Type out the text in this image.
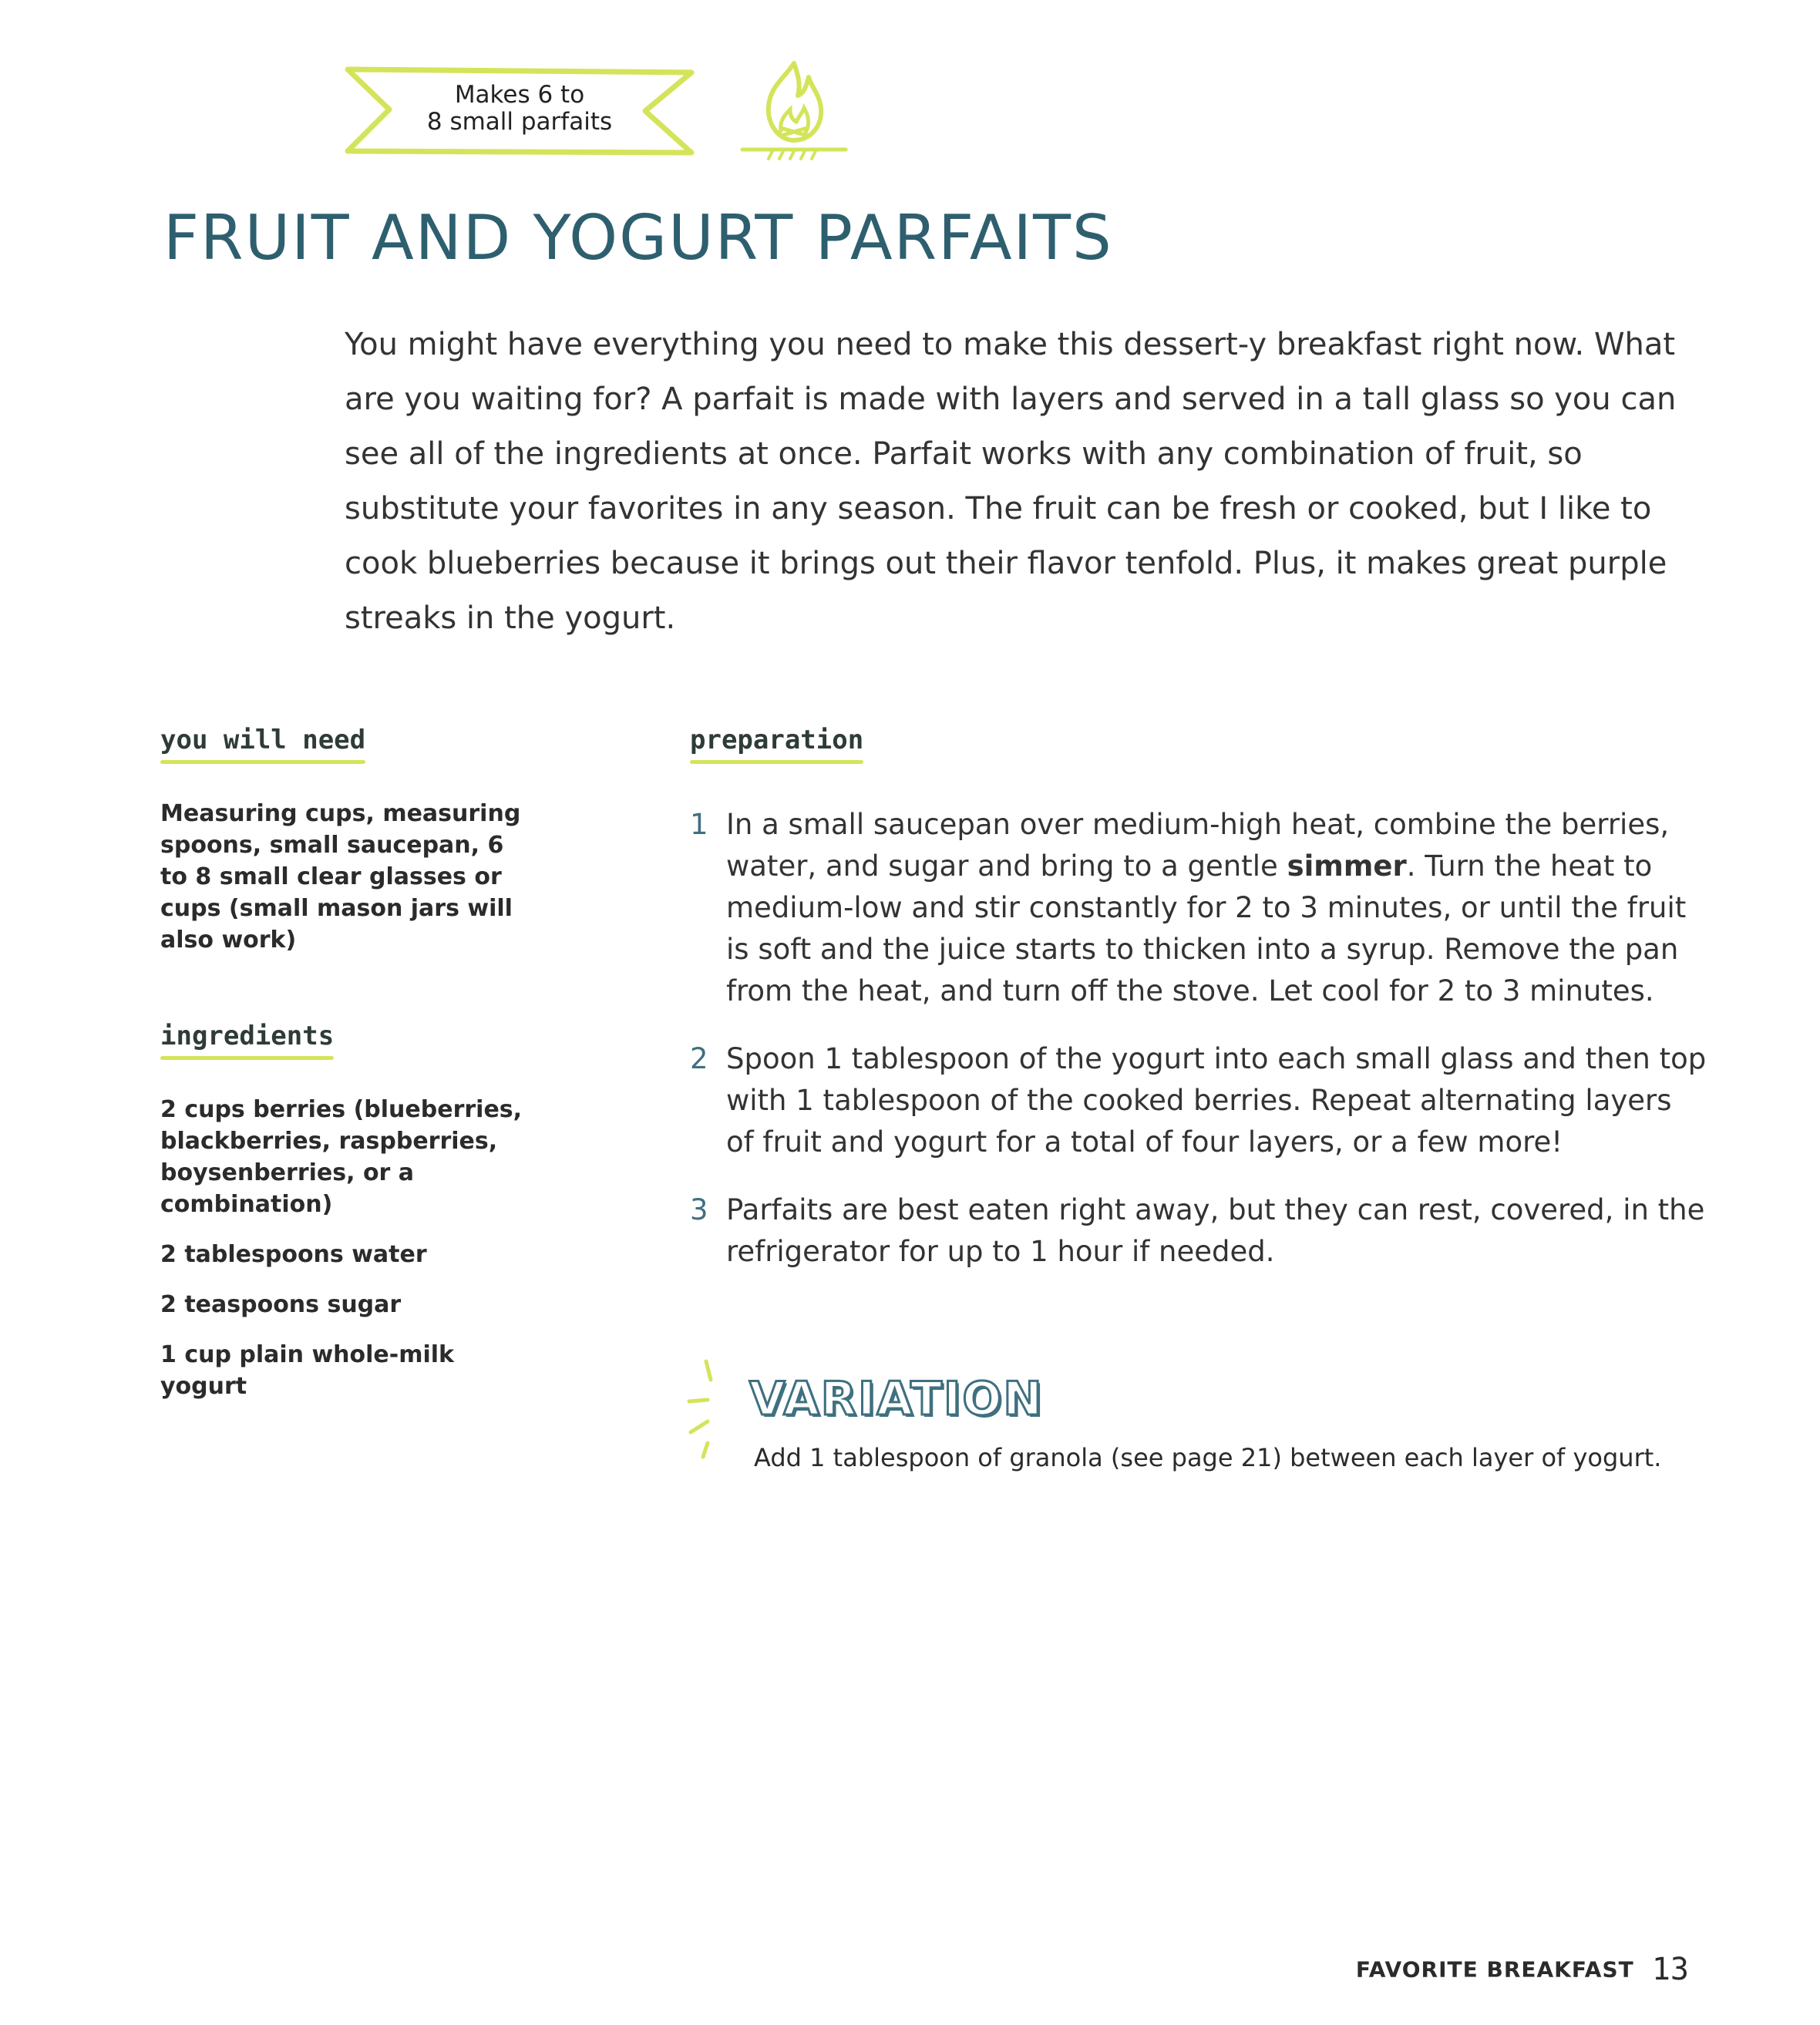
Makes 6 to
8 small parfaits
FRUIT AND YOGURT PARFAITS

You might have everything you need to make this dessert-y breakfast right now. What are you waiting for? A parfait is made with layers and served in a tall glass so you can see all of the ingredients at once. Parfait works with any combination of fruit, so substitute your favorites in any season. The fruit can be fresh or cooked, but I like to cook blueberries because it brings out their flavor tenfold. Plus, it makes great purple streaks in the yogurt.

you will need

Measuring cups, measuring spoons, small saucepan, 6 to 8 small clear glasses or cups (small mason jars will also work)

ingredients
2 cups berries (blueberries, blackberries, raspberries, boysenberries, or a combination)
2 tablespoons water
2 teaspoons sugar
1 cup plain whole-milk yogurt
preparation
1 In a small saucepan over medium-high heat, combine the berries, water, and sugar and bring to a gentle simmer. Turn the heat to medium-low and stir constantly for 2 to 3 minutes, or until the fruit is soft and the juice starts to thicken into a syrup. Remove the pan from the heat, and turn off the stove. Let cool for 2 to 3 minutes.
2 Spoon 1 tablespoon of the yogurt into each small glass and then top with 1 tablespoon of the cooked berries. Repeat alternating layers of fruit and yogurt for a total of four layers, or a few more!
3 Parfaits are best eaten right away, but they can rest, covered, in the refrigerator for up to 1 hour if needed.
VARIATION
Add 1 tablespoon of granola (see page 21) between each layer of yogurt.
FAVORITE BREAKFAST 13
